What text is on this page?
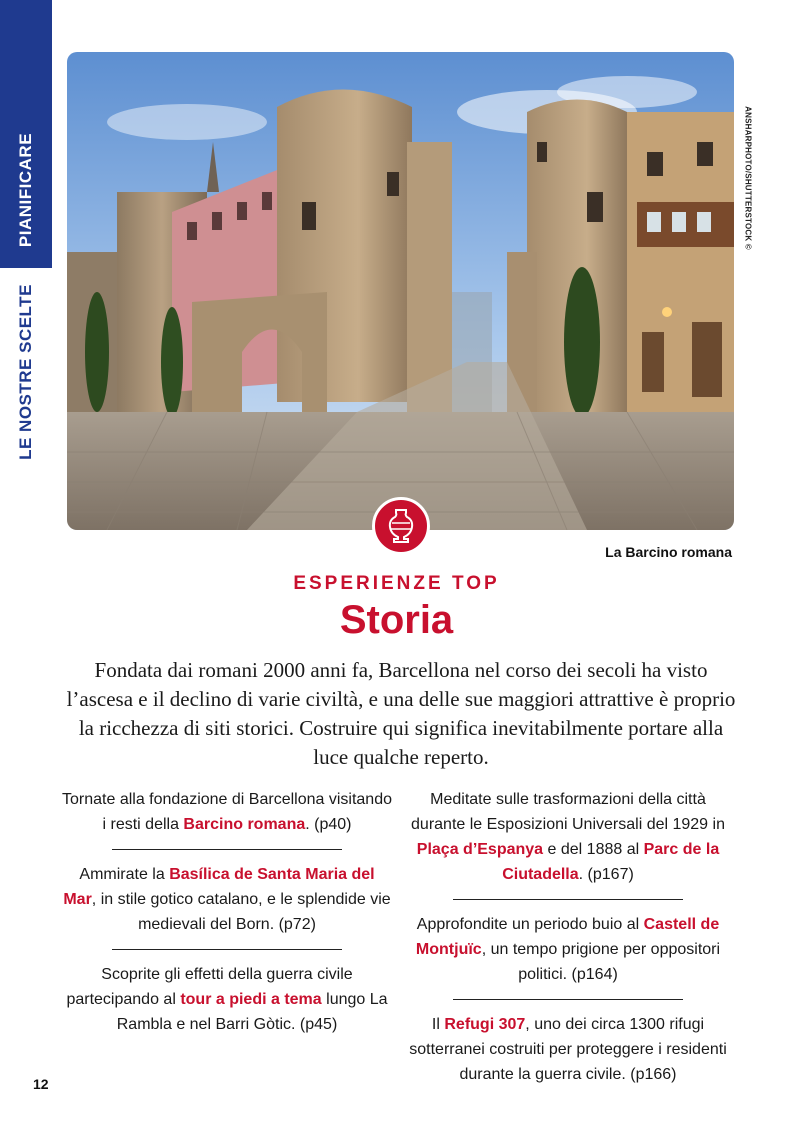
PIANIFICARE
LE NOSTRE SCELTE
ANSHARPHOTO/SHUTTERSTOCK ©
La Barcino romana
ESPERIENZE TOP
Storia

Fondata dai romani 2000 anni fa, Barcellona nel corso dei secoli ha visto l’ascesa e il declino di varie civiltà, e una delle sue maggiori attrattive è proprio la ricchezza di siti storici. Costruire qui significa inevitabilmente portare alla luce qualche reperto.

Tornate alla fondazione di Barcellona visitando i resti della Barcino romana. (p40)

Ammirate la Basílica de Santa Maria del Mar, in stile gotico catalano, e le splendide vie medievali del Born. (p72)

Scoprite gli effetti della guerra civile partecipando al tour a piedi a tema lungo La Rambla e nel Barri Gòtic. (p45)

Meditate sulle trasformazioni della città durante le Esposizioni Universali del 1929 in Plaça d’Espanya e del 1888 al Parc de la Ciutadella. (p167)

Approfondite un periodo buio al Castell de Montjuïc, un tempo prigione per oppositori politici. (p164)

Il Refugi 307, uno dei circa 1300 rifugi sotterranei costruiti per proteggere i residenti durante la guerra civile. (p166)

12
